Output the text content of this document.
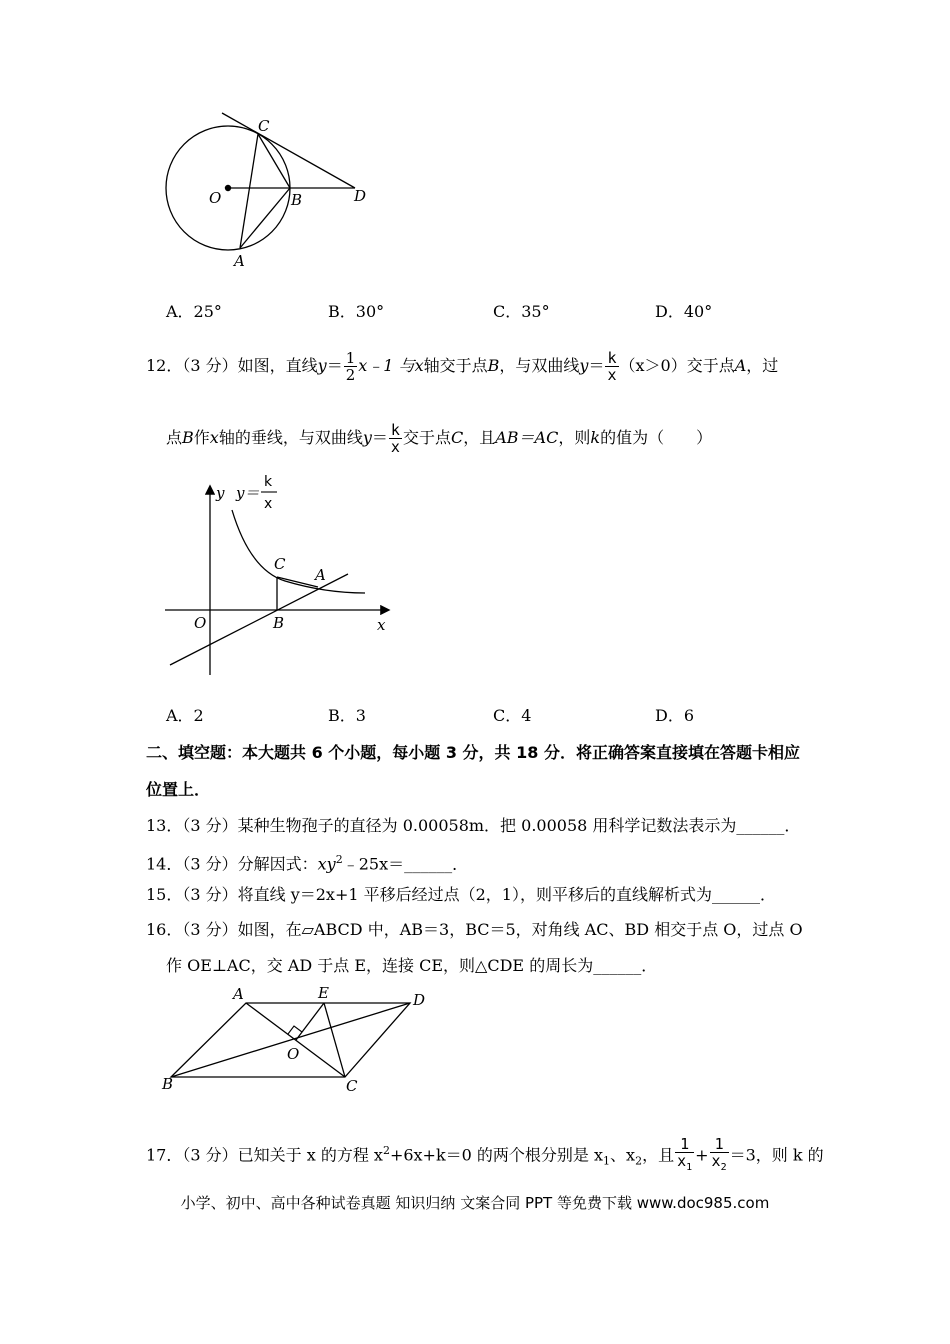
C
O	B	D
A
A．25°	B．30°	C．35°	D．40°
12．（3 分）如图，直线$y= \frac{1}{2}$ x﹣1 与x轴交于点B，与双曲线$y= \frac{k}{x} (x>0)$交于点A，过
点B作x轴的垂线，与双曲线$y= \frac{k}{x}$ 交于点C，且AB＝AC，则k的值为（　　）
y y＝
k
x
C
A
O	B	x
A．2	B．3	C．4	D．6
二、填空题：本大题共 6 个小题，每小题 3 分，共 18 分．将正确答案直接填在答题卡相应
位置上．
13．（3 分）某种生物孢子的直径为 0.00058m．把 0.00058 用科学记数法表示为______．
14．（3 分）分解因式：$xy^2﹣25x=\_\_\_\_\_\_$．
15．（3 分）将直线 y＝2x+1 平移后经过点（2，1），则平移后的直线解析式为______．
16．（3 分）如图，在▱ABCD 中，AB＝3，BC＝5，对角线 AC、BD 相交于点 O，过点 O
作 OE⊥AC，交 AD 于点 E，连接 CE，则△CDE 的周长为______．
A	E	D
O
B	C
17．（3 分）已知关于 x 的方程 $x^2+6x+k=0$ 的两个根分别是 $x_1$、$x_2$，且 $\frac{1}{x_1} + \frac{1}{x_2} =3$，则 k 的
小学、初中、高中各种试卷真题 知识归纳 文案合同 PPT 等免费下载 www.doc985.com
